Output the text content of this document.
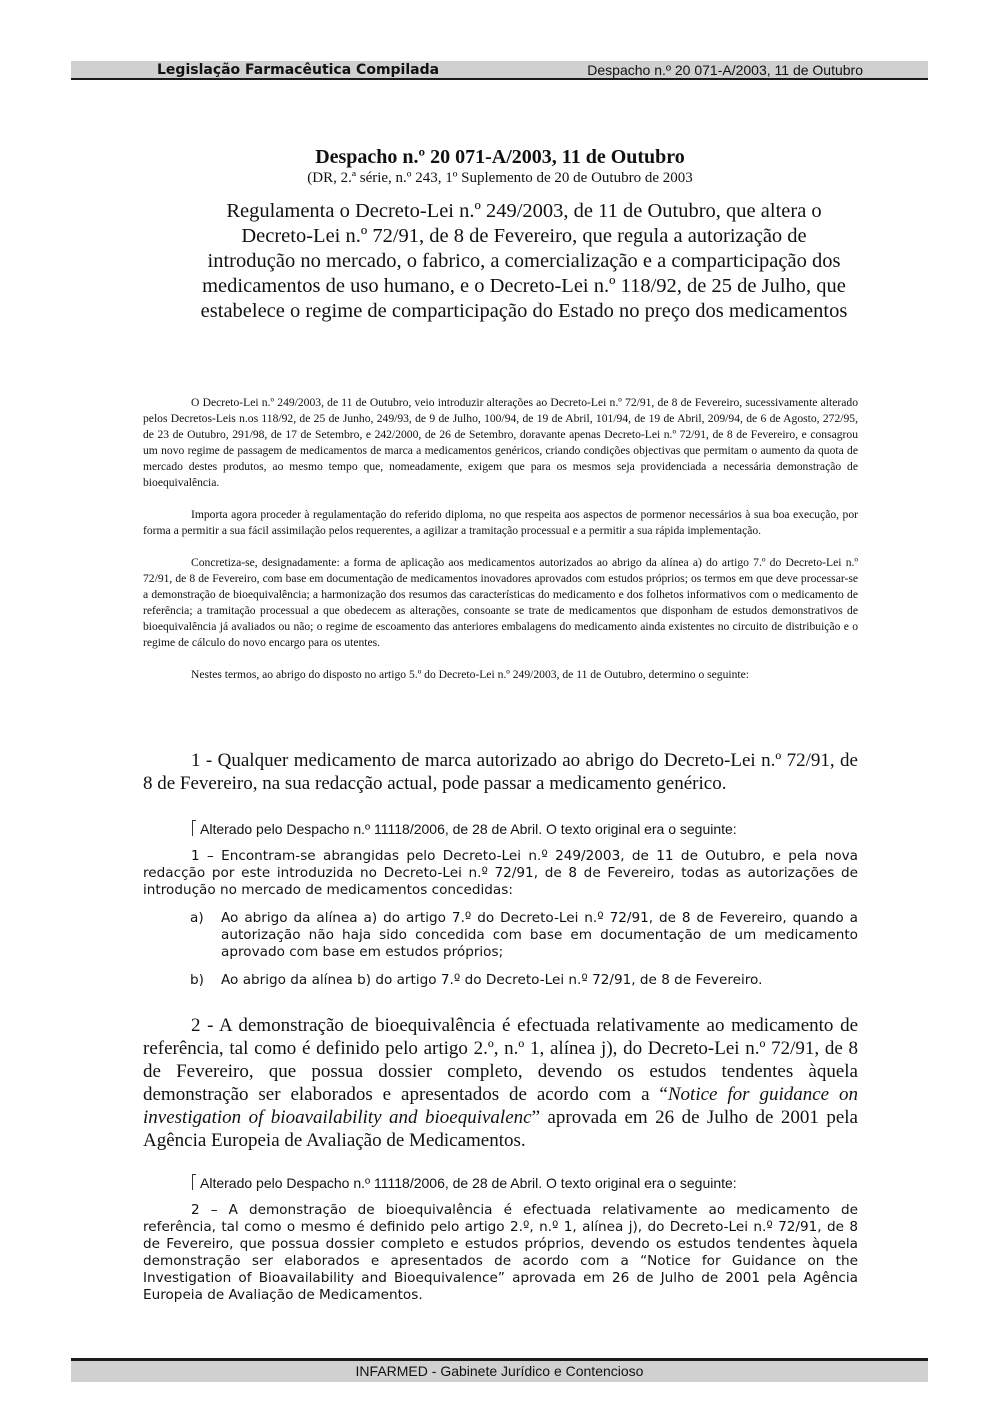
Legislação Farmacêutica Compilada	Despacho n.º 20 071-A/2003, 11 de Outubro
Despacho n.º 20 071-A/2003, 11 de Outubro
(DR, 2.ª série, n.º 243, 1º Suplemento de 20 de Outubro de 2003
Regulamenta o Decreto-Lei n.º 249/2003, de 11 de Outubro, que altera o Decreto-Lei n.º 72/91, de 8 de Fevereiro, que regula a autorização de introdução no mercado, o fabrico, a comercialização e a comparticipação dos medicamentos de uso humano, e o Decreto-Lei n.º 118/92, de 25 de Julho, que estabelece o regime de comparticipação do Estado no preço dos medicamentos

O Decreto-Lei n.º 249/2003, de 11 de Outubro, veio introduzir alterações ao Decreto-Lei n.º 72/91, de 8 de Fevereiro, sucessivamente alterado pelos Decretos-Leis n.os 118/92, de 25 de Junho, 249/93, de 9 de Julho, 100/94, de 19 de Abril, 101/94, de 19 de Abril, 209/94, de 6 de Agosto, 272/95, de 23 de Outubro, 291/98, de 17 de Setembro, e 242/2000, de 26 de Setembro, doravante apenas Decreto-Lei n.º 72/91, de 8 de Fevereiro, e consagrou um novo regime de passagem de medicamentos de marca a medicamentos genéricos, criando condições objectivas que permitam o aumento da quota de mercado destes produtos, ao mesmo tempo que, nomeadamente, exigem que para os mesmos seja providenciada a necessária demonstração de bioequivalência.

Importa agora proceder à regulamentação do referido diploma, no que respeita aos aspectos de pormenor necessários à sua boa execução, por forma a permitir a sua fácil assimilação pelos requerentes, a agilizar a tramitação processual e a permitir a sua rápida implementação.

Concretiza-se, designadamente: a forma de aplicação aos medicamentos autorizados ao abrigo da alínea a) do artigo 7.º do Decreto-Lei n.º 72/91, de 8 de Fevereiro, com base em documentação de medicamentos inovadores aprovados com estudos próprios; os termos em que deve processar-se a demonstração de bioequivalência; a harmonização dos resumos das características do medicamento e dos folhetos informativos com o medicamento de referência; a tramitação processual a que obedecem as alterações, consoante se trate de medicamentos que disponham de estudos demonstrativos de bioequivalência já avaliados ou não; o regime de escoamento das anteriores embalagens do medicamento ainda existentes no circuito de distribuição e o regime de cálculo do novo encargo para os utentes.

Nestes termos, ao abrigo do disposto no artigo 5.º do Decreto-Lei n.º 249/2003, de 11 de Outubro, determino o seguinte:

1 - Qualquer medicamento de marca autorizado ao abrigo do Decreto-Lei n.º 72/91, de 8 de Fevereiro, na sua redacção actual, pode passar a medicamento genérico.

Alterado pelo Despacho n.º 11118/2006, de 28 de Abril. O texto original era o seguinte:

1 – Encontram-se abrangidas pelo Decreto-Lei n.º 249/2003, de 11 de Outubro, e pela nova redacção por este introduzida no Decreto-Lei n.º 72/91, de 8 de Fevereiro, todas as autorizações de introdução no mercado de medicamentos concedidas:

a) Ao abrigo da alínea a) do artigo 7.º do Decreto-Lei n.º 72/91, de 8 de Fevereiro, quando a autorização não haja sido concedida com base em documentação de um medicamento aprovado com base em estudos próprios;
b) Ao abrigo da alínea b) do artigo 7.º do Decreto-Lei n.º 72/91, de 8 de Fevereiro.

2 - A demonstração de bioequivalência é efectuada relativamente ao medicamento de referência, tal como é definido pelo artigo 2.º, n.º 1, alínea j), do Decreto-Lei n.º 72/91, de 8 de Fevereiro, que possua dossier completo, devendo os estudos tendentes àquela demonstração ser elaborados e apresentados de acordo com a “Notice for guidance on investigation of bioavailability and bioequivalenc” aprovada em 26 de Julho de 2001 pela Agência Europeia de Avaliação de Medicamentos.

Alterado pelo Despacho n.º 11118/2006, de 28 de Abril. O texto original era o seguinte:

2 – A demonstração de bioequivalência é efectuada relativamente ao medicamento de referência, tal como o mesmo é definido pelo artigo 2.º, n.º 1, alínea j), do Decreto-Lei n.º 72/91, de 8 de Fevereiro, que possua dossier completo e estudos próprios, devendo os estudos tendentes àquela demonstração ser elaborados e apresentados de acordo com a “Notice for Guidance on the Investigation of Bioavailability and Bioequivalence” aprovada em 26 de Julho de 2001 pela Agência Europeia de Avaliação de Medicamentos.

INFARMED - Gabinete Jurídico e Contencioso
